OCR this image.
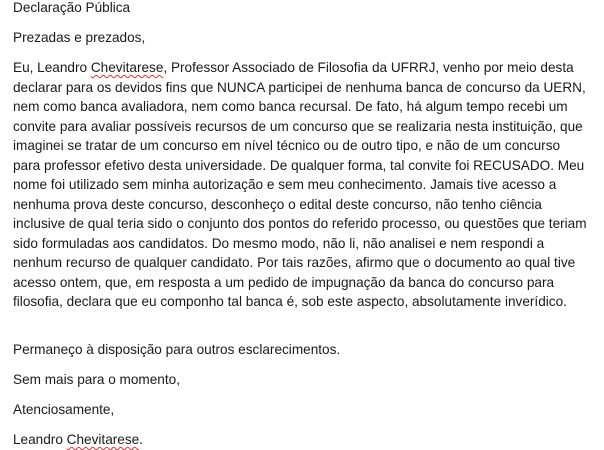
Declaração Pública

Prezadas e prezados,

Eu, Leandro Chevitarese, Professor Associado de Filosofia da UFRRJ, venho por meio desta declarar para os devidos fins que NUNCA participei de nenhuma banca de concurso da UERN, nem como banca avaliadora, nem como banca recursal. De fato, há algum tempo recebi um convite para avaliar possíveis recursos de um concurso que se realizaria nesta instituição, que imaginei se tratar de um concurso em nível técnico ou de outro tipo, e não de um concurso para professor efetivo desta universidade. De qualquer forma, tal convite foi RECUSADO. Meu nome foi utilizado sem minha autorização e sem meu conhecimento. Jamais tive acesso a nenhuma prova deste concurso, desconheço o edital deste concurso, não tenho ciência inclusive de qual teria sido o conjunto dos pontos do referido processo, ou questões que teriam sido formuladas aos candidatos. Do mesmo modo, não li, não analisei e nem respondi a nenhum recurso de qualquer candidato. Por tais razões, afirmo que o documento ao qual tive acesso ontem, que, em resposta a um pedido de impugnação da banca do concurso para filosofia, declara que eu componho tal banca é, sob este aspecto, absolutamente inverídico.

Permaneço à disposição para outros esclarecimentos.

Sem mais para o momento,

Atenciosamente,

Leandro Chevitarese.
